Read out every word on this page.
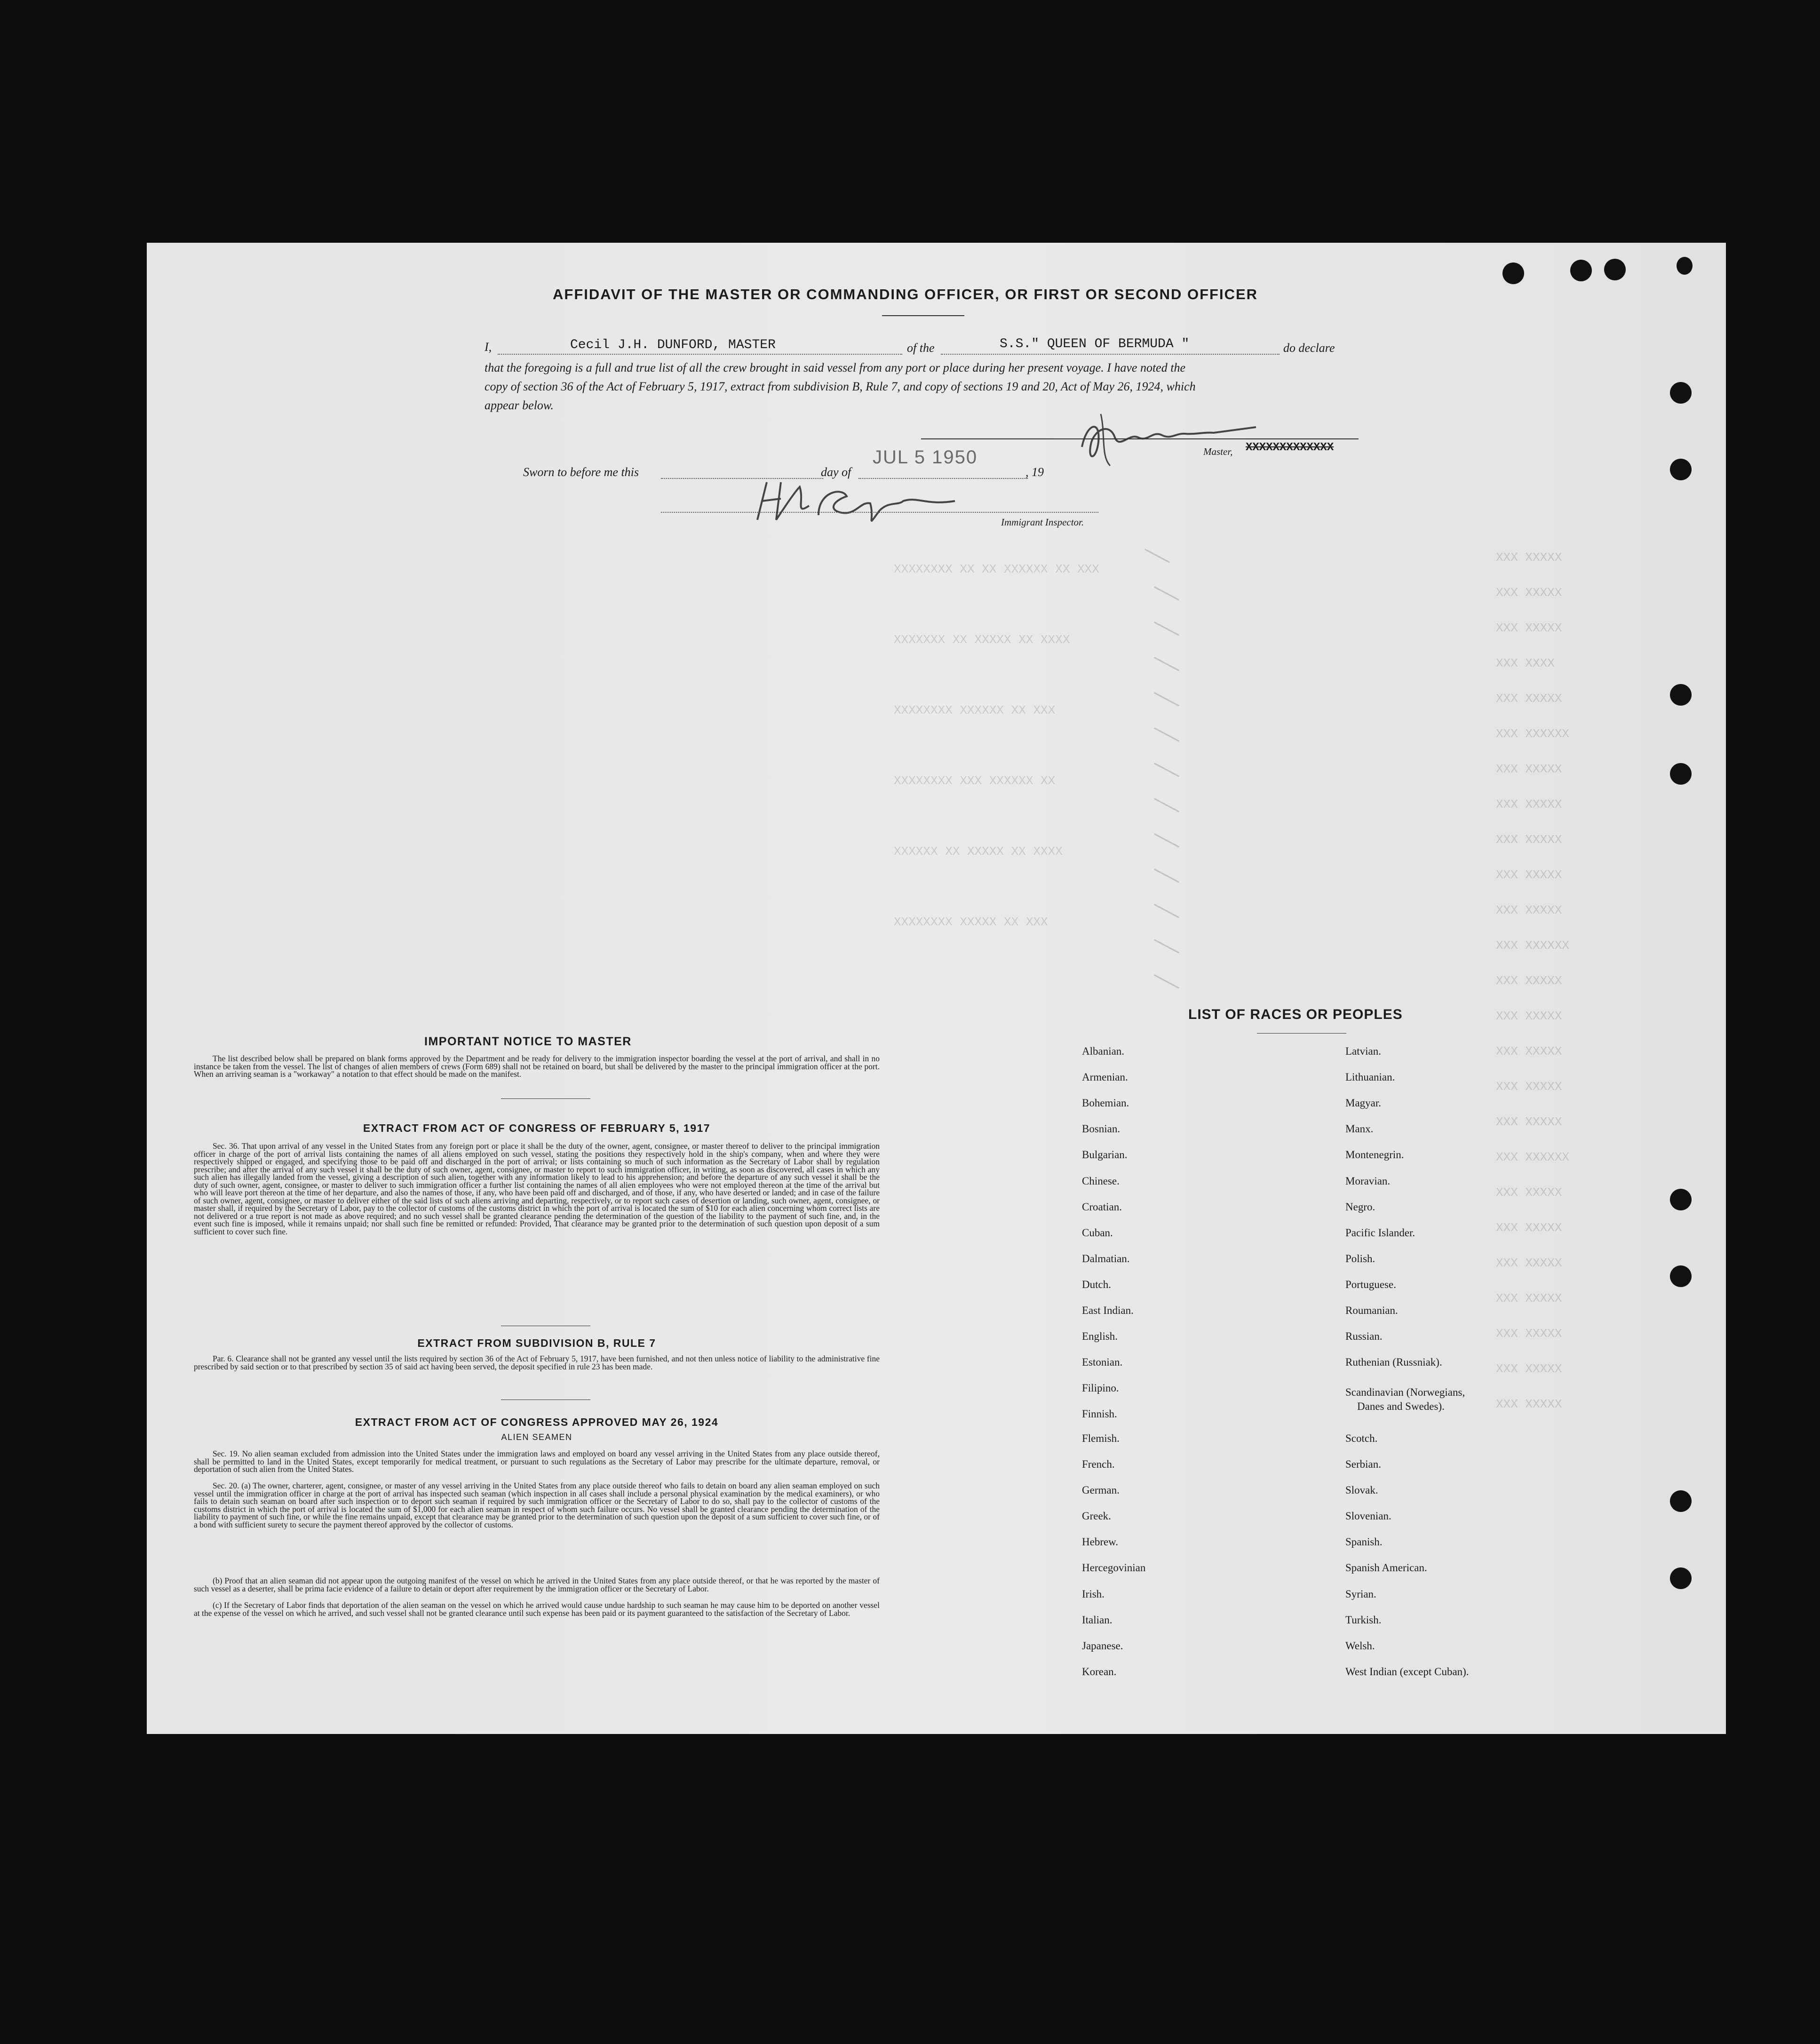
XXX XXXXX
XXX XXXXX
XXX XXXXX
XXX XXXX
XXX XXXXX
XXX XXXXXX
XXX XXXXX
XXX XXXXX
XXX XXXXX
XXX XXXXX
XXX XXXXX
XXX XXXXXX
XXX XXXXX
XXX XXXXX
XXX XXXXX
XXX XXXXX
XXX XXXXX
XXX XXXXXX
XXX XXXXX
XXX XXXXX
XXX XXXXX
XXX XXXXX
XXX XXXXX
XXX XXXXX
XXX XXXXX
XXXXXXXX XX XX XXXXXX XX XXX
XXXXXXX XX XXXXX XX XXXX
XXXXXXXX XXXXXX XX XXX
XXXXXXXX XXX XXXXXX XX
XXXXXX XX XXXXX XX XXXX
XXXXXXXX XXXXX XX XXX
AFFIDAVIT OF THE MASTER OR COMMANDING OFFICER, OR FIRST OR SECOND OFFICER
I,	Cecil J.H. DUNFORD, MASTER	of the	S.S." QUEEN OF BERMUDA "	do declare
that the foregoing is a full and true list of all the crew brought in said vessel from any port or place during her present voyage. I have noted the
copy of section 36 of the Act of February 5, 1917, extract from subdivision B, Rule 7, and copy of sections 19 and 20, Act of May 26, 1924, which
appear below.
Master, XXXXXXXXXXXXX
Sworn to before me this	day of
JUL 5 1950
, 19
Immigrant Inspector.
IMPORTANT NOTICE TO MASTER
The list described below shall be prepared on blank forms approved by the Department and be ready for delivery to the immigration inspector boarding the vessel at the port of arrival, and shall in no instance be taken from the vessel. The list of changes of alien members of crews (Form 689) shall not be retained on board, but shall be delivered by the master to the principal immigration officer at the port. When an arriving seaman is a "workaway" a notation to that effect should be made on the manifest.
EXTRACT FROM ACT OF CONGRESS OF FEBRUARY 5, 1917
Sec. 36. That upon arrival of any vessel in the United States from any foreign port or place it shall be the duty of the owner, agent, consignee, or master thereof to deliver to the principal immigration officer in charge of the port of arrival lists containing the names of all aliens employed on such vessel, stating the positions they respectively hold in the ship's company, when and where they were respectively shipped or engaged, and specifying those to be paid off and discharged in the port of arrival; or lists containing so much of such information as the Secretary of Labor shall by regulation prescribe; and after the arrival of any such vessel it shall be the duty of such owner, agent, consignee, or master to report to such immigration officer, in writing, as soon as discovered, all cases in which any such alien has illegally landed from the vessel, giving a description of such alien, together with any information likely to lead to his apprehension; and before the departure of any such vessel it shall be the duty of such owner, agent, consignee, or master to deliver to such immigration officer a further list containing the names of all alien employees who were not employed thereon at the time of the arrival but who will leave port thereon at the time of her departure, and also the names of those, if any, who have been paid off and discharged, and of those, if any, who have deserted or landed; and in case of the failure of such owner, agent, consignee, or master to deliver either of the said lists of such aliens arriving and departing, respectively, or to report such cases of desertion or landing, such owner, agent, consignee, or master shall, if required by the Secretary of Labor, pay to the collector of customs of the customs district in which the port of arrival is located the sum of $10 for each alien concerning whom correct lists are not delivered or a true report is not made as above required; and no such vessel shall be granted clearance pending the determination of the question of the liability to the payment of such fine, and, in the event such fine is imposed, while it remains unpaid; nor shall such fine be remitted or refunded: Provided, That clearance may be granted prior to the determination of such question upon deposit of a sum sufficient to cover such fine.
EXTRACT FROM SUBDIVISION B, RULE 7
Par. 6. Clearance shall not be granted any vessel until the lists required by section 36 of the Act of February 5, 1917, have been furnished, and not then unless notice of liability to the administrative fine prescribed by said section or to that prescribed by section 35 of said act having been served, the deposit specified in rule 23 has been made.
EXTRACT FROM ACT OF CONGRESS APPROVED MAY 26, 1924
ALIEN SEAMEN
Sec. 19. No alien seaman excluded from admission into the United States under the immigration laws and employed on board any vessel arriving in the United States from any place outside thereof, shall be permitted to land in the United States, except temporarily for medical treatment, or pursuant to such regulations as the Secretary of Labor may prescribe for the ultimate departure, removal, or deportation of such alien from the United States.
Sec. 20. (a) The owner, charterer, agent, consignee, or master of any vessel arriving in the United States from any place outside thereof who fails to detain on board any alien seaman employed on such vessel until the immigration officer in charge at the port of arrival has inspected such seaman (which inspection in all cases shall include a personal physical examination by the medical examiners), or who fails to detain such seaman on board after such inspection or to deport such seaman if required by such immigration officer or the Secretary of Labor to do so, shall pay to the collector of customs of the customs district in which the port of arrival is located the sum of $1,000 for each alien seaman in respect of whom such failure occurs. No vessel shall be granted clearance pending the determination of the liability to payment of such fine, or while the fine remains unpaid, except that clearance may be granted prior to the determination of such question upon the deposit of a sum sufficient to cover such fine, or of a bond with sufficient surety to secure the payment thereof approved by the collector of customs.
(b) Proof that an alien seaman did not appear upon the outgoing manifest of the vessel on which he arrived in the United States from any place outside thereof, or that he was reported by the master of such vessel as a deserter, shall be prima facie evidence of a failure to detain or deport after requirement by the immigration officer or the Secretary of Labor.
(c) If the Secretary of Labor finds that deportation of the alien seaman on the vessel on which he arrived would cause undue hardship to such seaman he may cause him to be deported on another vessel at the expense of the vessel on which he arrived, and such vessel shall not be granted clearance until such expense has been paid or its payment guaranteed to the satisfaction of the Secretary of Labor.
LIST OF RACES OR PEOPLES
Albanian.
Armenian.
Bohemian.
Bosnian.
Bulgarian.
Chinese.
Croatian.
Cuban.
Dalmatian.
Dutch.
East Indian.
English.
Estonian.
Filipino.
Finnish.
Flemish.
French.
German.
Greek.
Hebrew.
Hercegovinian
Irish.
Italian.
Japanese.
Korean.
Latvian.
Lithuanian.
Magyar.
Manx.
Montenegrin.
Moravian.
Negro.
Pacific Islander.
Polish.
Portuguese.
Roumanian.
Russian.
Ruthenian (Russniak).
Scandinavian (Norwegians,
Danes and Swedes).
Scotch.
Serbian.
Slovak.
Slovenian.
Spanish.
Spanish American.
Syrian.
Turkish.
Welsh.
West Indian (except Cuban).
